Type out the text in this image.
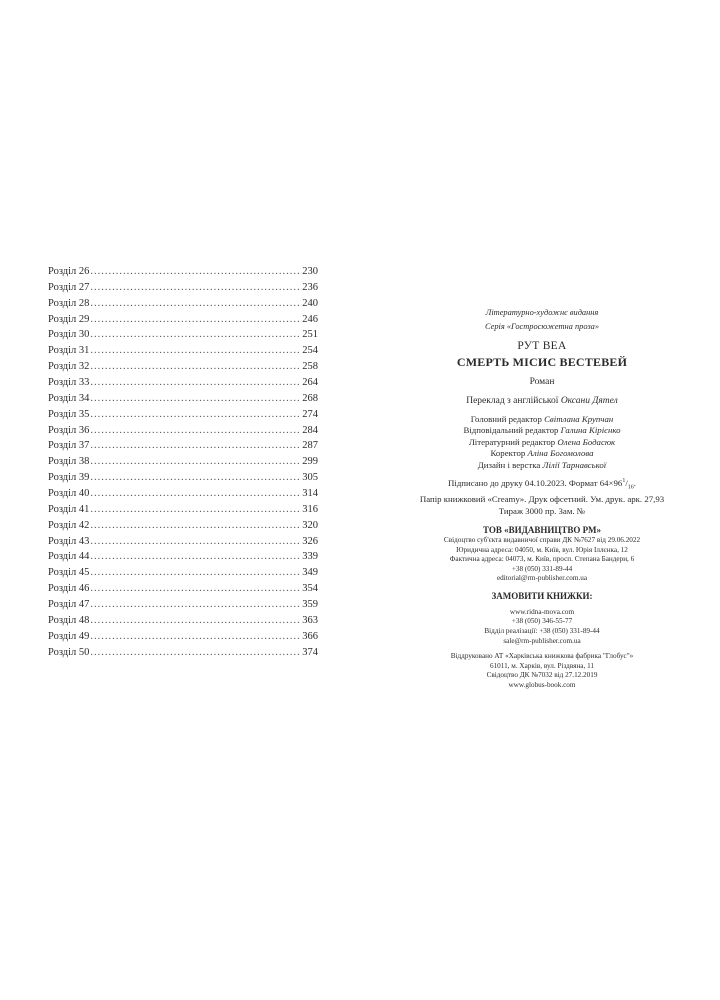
Розділ 26 .....	230
Розділ 27 .....	236
Розділ 28 .....	240
Розділ 29 .....	246
Розділ 30 .....	251
Розділ 31 .....	254
Розділ 32 .....	258
Розділ 33 .....	264
Розділ 34 .....	268
Розділ 35 .....	274
Розділ 36 .....	284
Розділ 37 .....	287
Розділ 38 .....	299
Розділ 39 .....	305
Розділ 40 .....	314
Розділ 41 .....	316
Розділ 42 .....	320
Розділ 43 .....	326
Розділ 44 .....	339
Розділ 45 .....	349
Розділ 46 .....	354
Розділ 47 .....	359
Розділ 48 .....	363
Розділ 49 .....	366
Розділ 50 .....	374
Літературно-художнє видання
Серія «Гостросюжетна проза»
РУТ ВЕА
СМЕРТЬ МІСИС ВЕСТЕВЕЙ
Роман
Переклад з англійської Оксани Дятел
Головний редактор Світлана Крупчан
Відповідальний редактор Галина Кірієнко
Літературний редактор Олена Бодасюк
Коректор Аліна Богомолова
Дизайн і верстка Лілії Тарнавської
Підписано до друку 04.10.2023. Формат $64\times 96^1/_{16}$.
Папір книжковий «Creamy». Друк офсетний. Ум. друк. арк. 27,93
Тираж 3000 пр. Зам. №
ТОВ «ВИДАВНИЦТВО РМ»
Свідоцтво суб'єкта видавничої справи ДК №7627 від 29.06.2022
Юридична адреса: 04050, м. Київ, вул. Юрія Іллєнка, 12
Фактична адреса: 04073, м. Київ, просп. Степана Бандери, 6
+38 (050) 331-89-44
editorial@rm-publisher.com.ua
ЗАМОВИТИ КНИЖКИ:
www.ridna-mova.com
+38 (050) 346-55-77
Відділ реалізації: +38 (050) 331-89-44
sale@rm-publisher.com.ua
Віддруковано АТ «Харківська книжкова фабрика "Глобус"»
61011, м. Харків, вул. Різдвяна, 11
Свідоцтво ДК №7032 від 27.12.2019
www.globus-book.com
